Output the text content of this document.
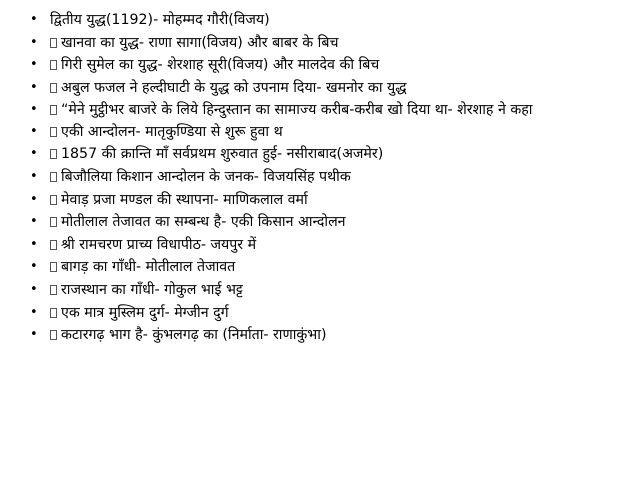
• द्वितीय युद्ध(1192)- मोहम्मद गौरी(विजय)
•	खानवा का युद्ध- राणा सागा(विजय) और बाबर के बिच
•	गिरी सुमेल का युद्ध- शेरशाह सूरी(विजय) और मालदेव की बिच
•	अबुल फजल ने हल्दीघाटी के युद्ध को उपनाम दिया- खमनोर का युद्ध
•	“मेने मुट्ठीभर बाजरे के लिये हिन्दुस्तान का सामाज्य करीब-करीब खो दिया था- शेरशाह ने कहा
•	एकी आन्दोलन- मातृकुण्डिया से शुरू हुवा थ
•	1857 की क्रान्ति माँ सर्वप्रथम शुरुवात हुई- नसीराबाद(अजमेर)
•	बिजौलिया किशान आन्दोलन के जनक- विजयसिंह पथीक
•	मेवाड़ प्रजा मण्डल की स्थापना- माणिकलाल वर्मा
•	मोतीलाल तेजावत का सम्बन्ध है- एकी किसान आन्दोलन
•	श्री रामचरण प्राच्य विधापीठ- जयपुर में
•	बागड़ का गाँधी- मोतीलाल तेजावत
•	राजस्थान का गाँधी- गोकुल भाई भट्ट
•	एक मात्र मुस्लिम दुर्ग- मेग्जीन दुर्ग
•	कटारगढ़ भाग है- कुंभलगढ़ का (निर्माता- राणाकुंभा)
